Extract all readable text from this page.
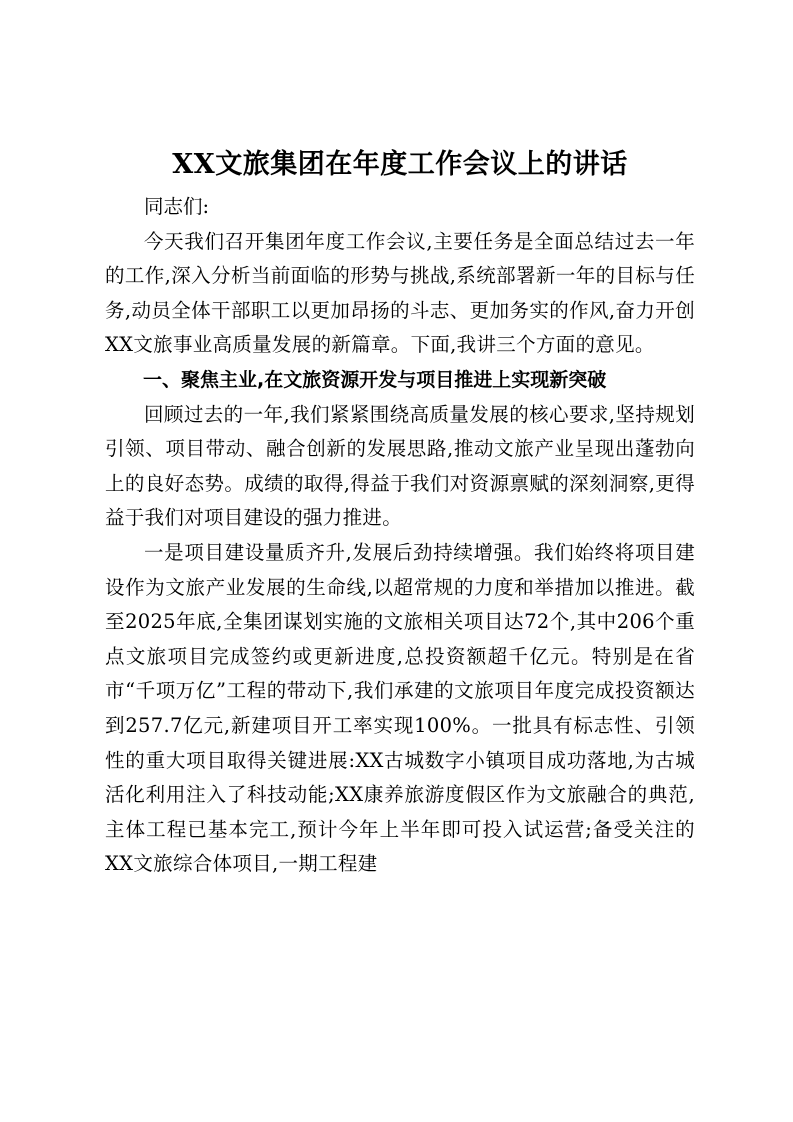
XX文旅集团在年度工作会议上的讲话

同志们:

今天我们召开集团年度工作会议,主要任务是全面总结过去一年的工作,深入分析当前面临的形势与挑战,系统部署新一年的目标与任务,动员全体干部职工以更加昂扬的斗志、更加务实的作风,奋力开创XX文旅事业高质量发展的新篇章。下面,我讲三个方面的意见。

一、聚焦主业,在文旅资源开发与项目推进上实现新突破

回顾过去的一年,我们紧紧围绕高质量发展的核心要求,坚持规划引领、项目带动、融合创新的发展思路,推动文旅产业呈现出蓬勃向上的良好态势。成绩的取得,得益于我们对资源禀赋的深刻洞察,更得益于我们对项目建设的强力推进。

一是项目建设量质齐升,发展后劲持续增强。我们始终将项目建设作为文旅产业发展的生命线,以超常规的力度和举措加以推进。截至2025年底,全集团谋划实施的文旅相关项目达72个,其中206个重点文旅项目完成签约或更新进度,总投资额超千亿元。特别是在省市“千项万亿”工程的带动下,我们承建的文旅项目年度完成投资额达到257.7亿元,新建项目开工率实现100%。一批具有标志性、引领性的重大项目取得关键进展:XX古城数字小镇项目成功落地,为古城活化利用注入了科技动能;XX康养旅游度假区作为文旅融合的典范,主体工程已基本完工,预计今年上半年即可投入试运营;备受关注的XX文旅综合体项目,一期工程建
